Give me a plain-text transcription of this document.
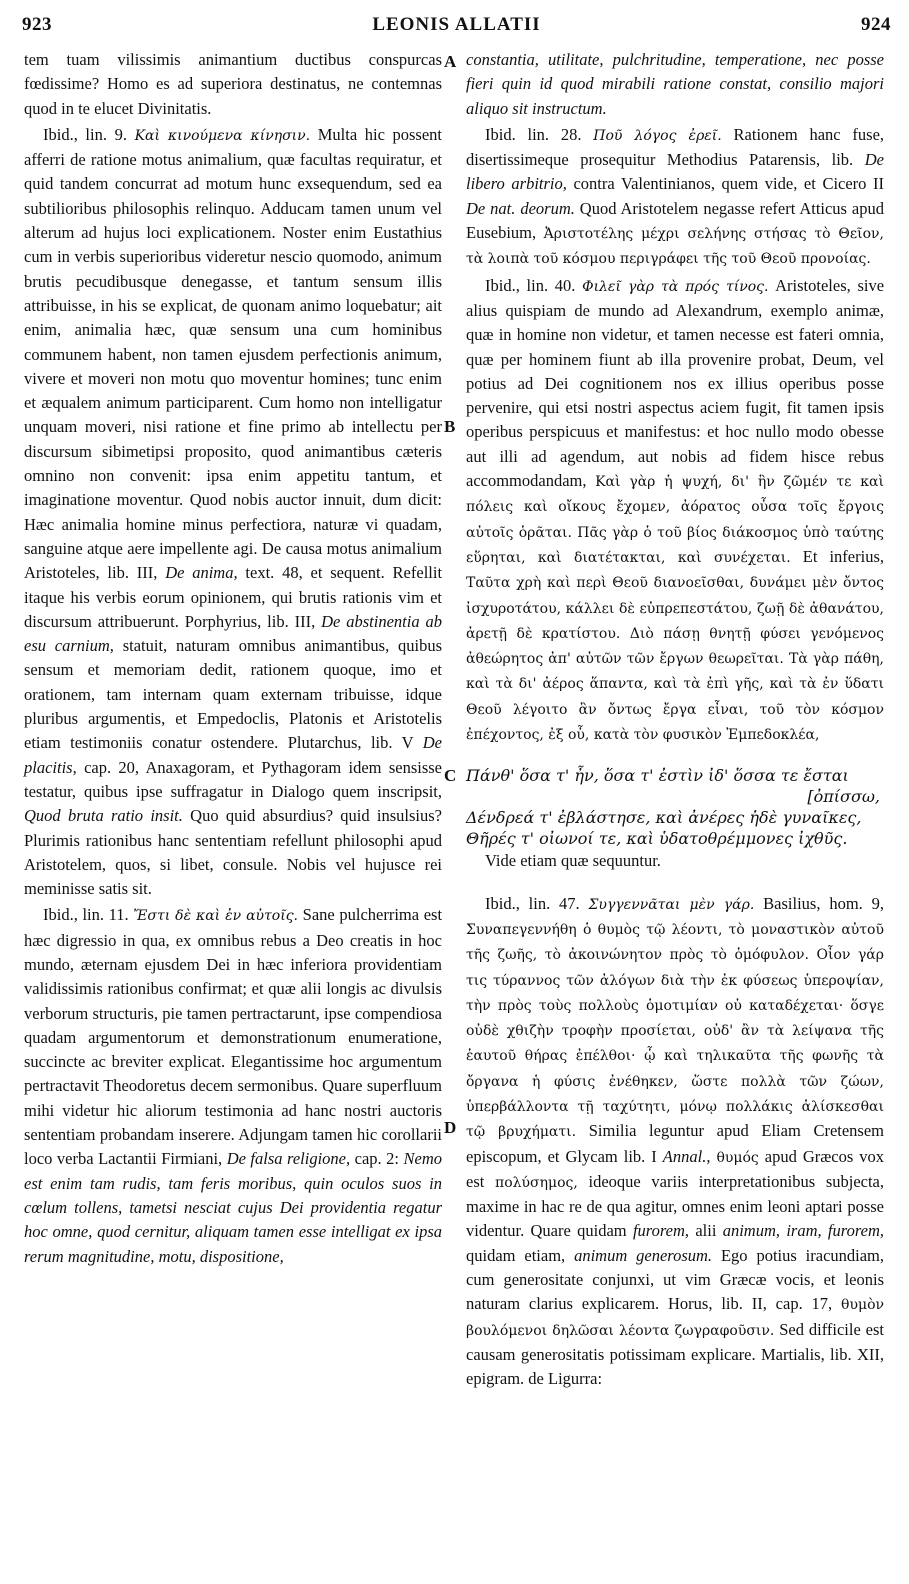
923	LEONIS ALLATII	924
A
B
C
D

tem tuam vilissimis animantium ductibus conspurcas fœdissime? Homo es ad superiora destinatus, ne contemnas quod in te elucet Divinitatis.

Ibid., lin. 9. Καὶ κινούμενα κίνησιν. Multa hic possent afferri de ratione motus animalium, quæ facultas requiratur, et quid tandem concurrat ad motum hunc exsequendum, sed ea subtilioribus philosophis relinquo. Adducam tamen unum vel alterum ad hujus loci explicationem. Noster enim Eustathius cum in verbis superioribus videretur nescio quomodo, animum brutis pecudibusque denegasse, et tantum sensum illis attribuisse, in his se explicat, de quonam animo loquebatur; ait enim, animalia hæc, quæ sensum una cum hominibus communem habent, non tamen ejusdem perfectionis animum, vivere et moveri non motu quo moventur homines; tunc enim et æqualem animum participarent. Cum homo non intelligatur unquam moveri, nisi ratione et fine primo ab intellectu per discursum sibimetipsi proposito, quod animantibus cæteris omnino non convenit: ipsa enim appetitu tantum, et imaginatione moventur. Quod nobis auctor innuit, dum dicit: Hæc animalia homine minus perfectiora, naturæ vi quadam, sanguine atque aere impellente agi. De causa motus animalium Aristoteles, lib. III, De anima, text. 48, et sequent. Refellit itaque his verbis eorum opinionem, qui brutis rationis vim et discursum attribuerunt. Porphyrius, lib. III, De abstinentia ab esu carnium, statuit, naturam omnibus animantibus, quibus sensum et memoriam dedit, rationem quoque, imo et orationem, tam internam quam externam tribuisse, idque pluribus argumentis, et Empedoclis, Platonis et Aristotelis etiam testimoniis conatur ostendere. Plutarchus, lib. V De placitis, cap. 20, Anaxagoram, et Pythagoram idem sensisse testatur, quibus ipse suffragatur in Dialogo quem inscripsit, Quod bruta ratio insit. Quo quid absurdius? quid insulsius? Plurimis rationibus hanc sententiam refellunt philosophi apud Aristotelem, quos, si libet, consule. Nobis vel hujusce rei meminisse satis sit.

Ibid., lin. 11. Ἔστι δὲ καὶ ἐν αὐτοῖς. Sane pulcherrima est hæc digressio in qua, ex omnibus rebus a Deo creatis in hoc mundo, æternam ejusdem Dei in hæc inferiora providentiam validissimis rationibus confirmat; et quæ alii longis ac divulsis verborum structuris, pie tamen pertractarunt, ipse compendiosa quadam argumentorum et demonstrationum enumeratione, succincte ac breviter explicat. Elegantissime hoc argumentum pertractavit Theodoretus decem sermonibus. Quare superfluum mihi videtur hic aliorum testimonia ad hanc nostri auctoris sententiam probandam inserere. Adjungam tamen hic corollarii loco verba Lactantii Firmiani, De falsa religione, cap. 2: Nemo est enim tam rudis, tam feris moribus, quin oculos suos in cœlum tollens, tametsi nesciat cujus Dei providentia regatur hoc omne, quod cernitur, aliquam tamen esse intelligat ex ipsa rerum magnitudine, motu, dispositione,

constantia, utilitate, pulchritudine, temperatione, nec posse fieri quin id quod mirabili ratione constat, consilio majori aliquo sit instructum.

Ibid. lin. 28. Ποῦ λόγος ἐρεῖ. Rationem hanc fuse, disertissimeque prosequitur Methodius Patarensis, lib. De libero arbitrio, contra Valentinianos, quem vide, et Cicero II De nat. deorum. Quod Aristotelem negasse refert Atticus apud Eusebium, Ἀριστοτέλης μέχρι σελήνης στήσας τὸ Θεῖον, τὰ λοιπὰ τοῦ κόσμου περιγράφει τῆς τοῦ Θεοῦ προνοίας.

Ibid., lin. 40. Φιλεῖ γὰρ τὰ πρός τίνος. Aristoteles, sive alius quispiam de mundo ad Alexandrum, exemplo animæ, quæ in homine non videtur, et tamen necesse est fateri omnia, quæ per hominem fiunt ab illa provenire probat, Deum, vel potius ad Dei cognitionem nos ex illius operibus posse pervenire, qui etsi nostri aspectus aciem fugit, fit tamen ipsis operibus perspicuus et manifestus: et hoc nullo modo obesse aut illi ad agendum, aut nobis ad fidem hisce rebus accommodandam, Καὶ γὰρ ἡ ψυχή, δι' ἣν ζῶμέν τε καὶ πόλεις καὶ οἴκους ἔχομεν, ἀόρατος οὖσα τοῖς ἔργοις αὐτοῖς ὁρᾶται. Πᾶς γὰρ ὁ τοῦ βίος διάκοσμος ὑπὸ ταύτης εὕρηται, καὶ διατέτακται, καὶ συνέχεται. Et inferius, Ταῦτα χρὴ καὶ περὶ Θεοῦ διανοεῖσθαι, δυνάμει μὲν ὄντος ἰσχυροτάτου, κάλλει δὲ εὐπρεπεστάτου, ζωῇ δὲ ἀθανάτου, ἀρετῇ δὲ κρατίστου. Διὸ πάσῃ θνητῇ φύσει γενόμενος ἀθεώρητος ἀπ' αὐτῶν τῶν ἔργων θεωρεῖται. Τὰ γὰρ πάθη, καὶ τὰ δι' ἀέρος ἅπαντα, καὶ τὰ ἐπὶ γῆς, καὶ τὰ ἐν ὕδατι Θεοῦ λέγοιτο ἂν ὄντως ἔργα εἶναι, τοῦ τὸν κόσμον ἐπέχοντος, ἐξ οὗ, κατὰ τὸν φυσικὸν Ἐμπεδοκλέα,

Πάνθ' ὅσα τ' ἦν, ὅσα τ' ἐστὶν ἰδ' ὅσσα τε ἔσται
[ὀπίσσω,
Δένδρεά τ' ἐβλάστησε, καὶ ἀνέρες ἠδὲ γυναῖκες,
Θῆρές τ' οἰωνοί τε, καὶ ὑδατοθρέμμονες ἰχθῦς.

Vide etiam quæ sequuntur.

Ibid., lin. 47. Συγγεννᾶται μὲν γάρ. Basilius, hom. 9, Συναπεγεννήθη ὁ θυμὸς τῷ λέοντι, τὸ μοναστικὸν αὐτοῦ τῆς ζωῆς, τὸ ἀκοινώνητον πρὸς τὸ ὁμόφυλον. Οἷον γάρ τις τύραννος τῶν ἀλόγων διὰ τὴν ἐκ φύσεως ὑπεροψίαν, τὴν πρὸς τοὺς πολλοὺς ὁμοτιμίαν οὐ καταδέχεται· ὅσγε οὐδὲ χθιζὴν τροφὴν προσίεται, οὐδ' ἂν τὰ λείψανα τῆς ἑαυτοῦ θήρας ἐπέλθοι· ᾧ καὶ τηλικαῦτα τῆς φωνῆς τὰ ὄργανα ἡ φύσις ἐνέθηκεν, ὥστε πολλὰ τῶν ζώων, ὑπερβάλλοντα τῇ ταχύτητι, μόνῳ πολλάκις ἁλίσκεσθαι τῷ βρυχήματι. Similia leguntur apud Eliam Cretensem episcopum, et Glycam lib. I Annal., θυμός apud Græcos vox est πολύσημος, ideoque variis interpretationibus subjecta, maxime in hac re de qua agitur, omnes enim leoni aptari posse videntur. Quare quidam furorem, alii animum, iram, furorem, quidam etiam, animum generosum. Ego potius iracundiam, cum generositate conjunxi, ut vim Græcæ vocis, et leonis naturam clarius explicarem. Horus, lib. II, cap. 17, θυμὸν βουλόμενοι δηλῶσαι λέοντα ζωγραφοῦσιν. Sed difficile est causam generositatis potissimam explicare. Martialis, lib. XII, epigram. de Ligurra:
